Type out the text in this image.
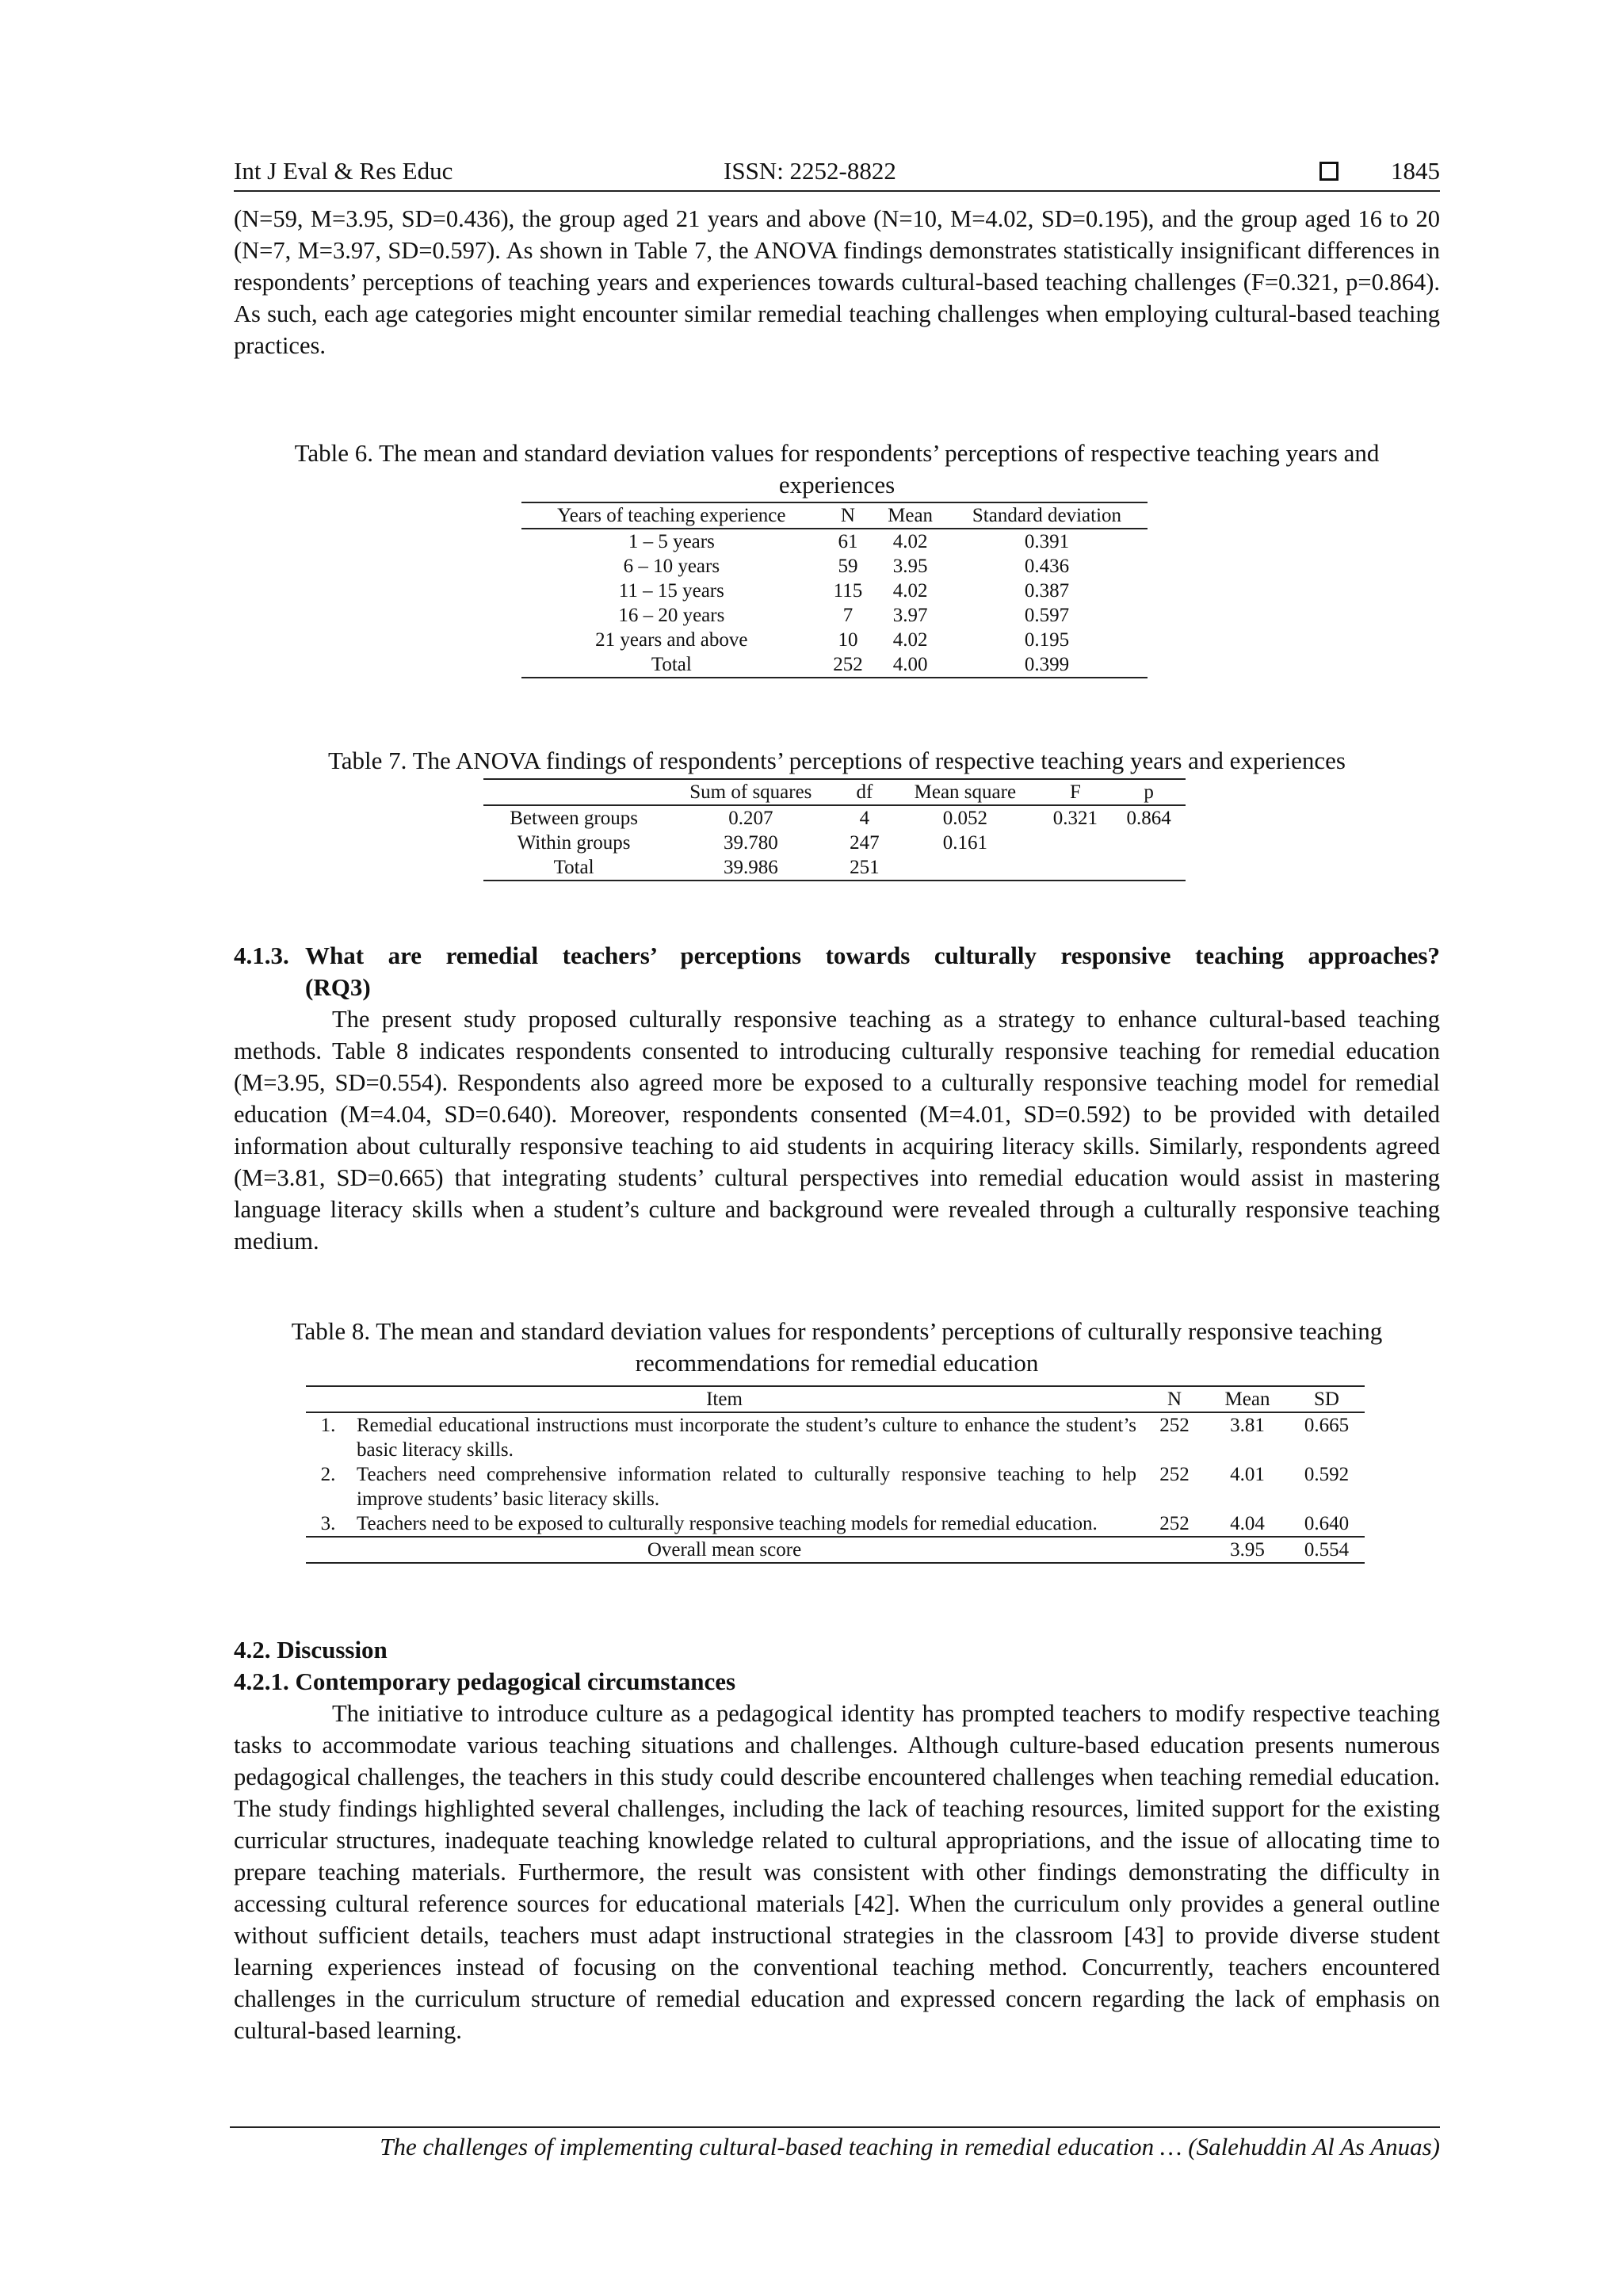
Int J Eval & Res Educ	ISSN: 2252-8822	1845

(N=59, M=3.95, SD=0.436), the group aged 21 years and above (N=10, M=4.02, SD=0.195), and the group aged 16 to 20 (N=7, M=3.97, SD=0.597). As shown in Table 7, the ANOVA findings demonstrates statistically insignificant differences in respondents’ perceptions of teaching years and experiences towards cultural-based teaching challenges (F=0.321, p=0.864). As such, each age categories might encounter similar remedial teaching challenges when employing cultural-based teaching practices.

Table 6. The mean and standard deviation values for respondents’ perceptions of respective teaching years and experiences
Years of teaching experience	N	Mean	Standard deviation
1 – 5 years	61	4.02	0.391
6 – 10 years	59	3.95	0.436
11 – 15 years	115	4.02	0.387
16 – 20 years	7	3.97	0.597
21 years and above	10	4.02	0.195
Total	252	4.00	0.399
Table 7. The ANOVA findings of respondents’ perceptions of respective teaching years and experiences
	Sum of squares	df	Mean square	F	p
Between groups	0.207	4	0.052	0.321	0.864
Within groups	39.780	247	0.161		
Total	39.986	251			
4.1.3. What are remedial teachers’ perceptions towards culturally responsive teaching approaches?
(RQ3)

The present study proposed culturally responsive teaching as a strategy to enhance cultural-based teaching methods. Table 8 indicates respondents consented to introducing culturally responsive teaching for remedial education (M=3.95, SD=0.554). Respondents also agreed more be exposed to a culturally responsive teaching model for remedial education (M=4.04, SD=0.640). Moreover, respondents consented (M=4.01, SD=0.592) to be provided with detailed information about culturally responsive teaching to aid students in acquiring literacy skills. Similarly, respondents agreed (M=3.81, SD=0.665) that integrating students’ cultural perspectives into remedial education would assist in mastering language literacy skills when a student’s culture and background were revealed through a culturally responsive teaching medium.

Table 8. The mean and standard deviation values for respondents’ perceptions of culturally responsive teaching recommendations for remedial education
Item		N	Mean	SD
1.	Remedial educational instructions must incorporate the student’s culture to enhance the student’s basic literacy skills.	252	3.81	0.665
2.	Teachers need comprehensive information related to culturally responsive teaching to help improve students’ basic literacy skills.	252	4.01	0.592
3.	Teachers need to be exposed to culturally responsive teaching models for remedial education.	252	4.04	0.640
Overall mean score			3.95	0.554
4.2. Discussion
4.2.1. Contemporary pedagogical circumstances

The initiative to introduce culture as a pedagogical identity has prompted teachers to modify respective teaching tasks to accommodate various teaching situations and challenges. Although culture-based education presents numerous pedagogical challenges, the teachers in this study could describe encountered challenges when teaching remedial education. The study findings highlighted several challenges, including the lack of teaching resources, limited support for the existing curricular structures, inadequate teaching knowledge related to cultural appropriations, and the issue of allocating time to prepare teaching materials. Furthermore, the result was consistent with other findings demonstrating the difficulty in accessing cultural reference sources for educational materials [42]. When the curriculum only provides a general outline without sufficient details, teachers must adapt instructional strategies in the classroom [43] to provide diverse student learning experiences instead of focusing on the conventional teaching method. Concurrently, teachers encountered challenges in the curriculum structure of remedial education and expressed concern regarding the lack of emphasis on cultural-based learning.

The challenges of implementing cultural-based teaching in remedial education … (Salehuddin Al As Anuas)
